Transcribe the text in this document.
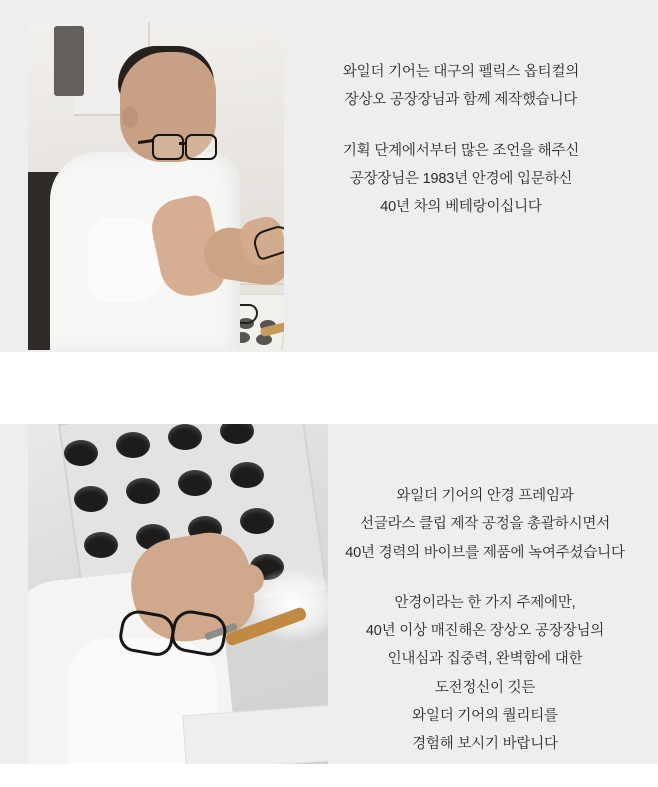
와일더 기어는 대구의 펠릭스 옵티컬의
장상오 공장장님과 함께 제작했습니다

기획 단계에서부터 많은 조언을 해주신
공장장님은 1983년 안경에 입문하신
40년 차의 베테랑이십니다

와일더 기어의 안경 프레임과
선글라스 클립 제작 공정을 총괄하시면서
40년 경력의 바이브를 제품에 녹여주셨습니다

안경이라는 한 가지 주제에만,
40년 이상 매진해온 장상오 공장장님의
인내심과 집중력, 완벽함에 대한
도전정신이 깃든
와일더 기어의 퀄리티를
경험해 보시기 바랍니다
